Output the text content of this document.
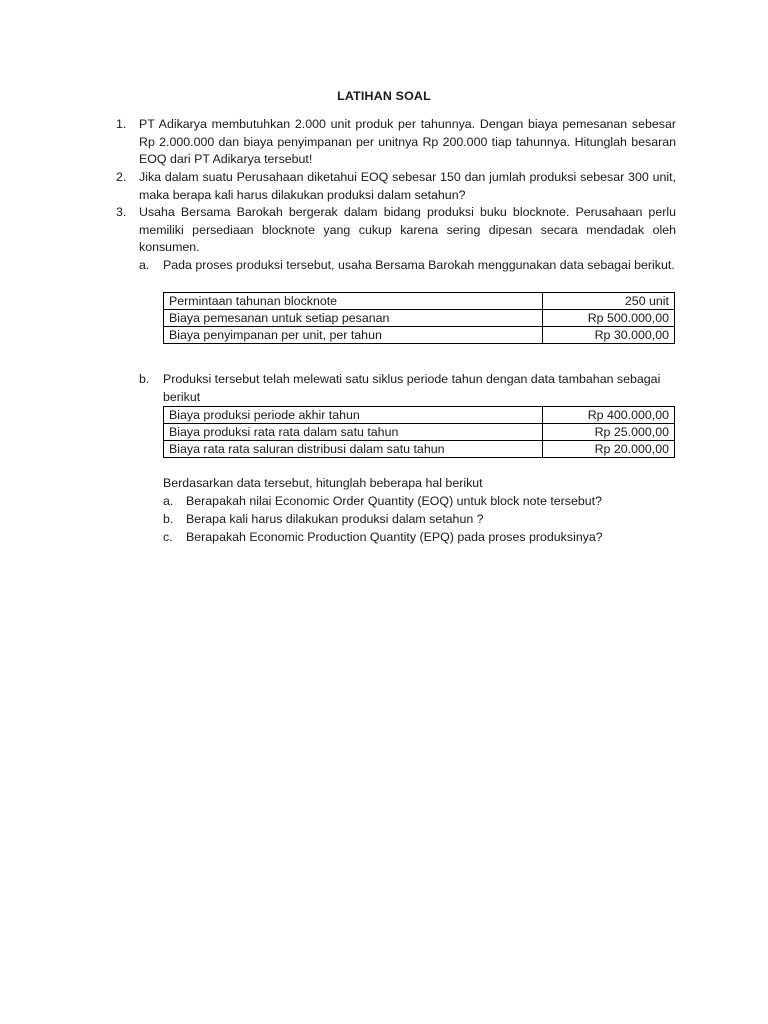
LATIHAN SOAL
1.	PT Adikarya membutuhkan 2.000 unit produk per tahunnya. Dengan biaya pemesanan sebesar Rp 2.000.000 dan biaya penyimpanan per unitnya Rp 200.000 tiap tahunnya. Hitunglah besaran EOQ dari PT Adikarya tersebut!
2.	Jika dalam suatu Perusahaan diketahui EOQ sebesar 150 dan jumlah produksi sebesar 300 unit, maka berapa kali harus dilakukan produksi dalam setahun?
3.	Usaha Bersama Barokah bergerak dalam bidang produksi buku blocknote. Perusahaan perlu memiliki persediaan blocknote yang cukup karena sering dipesan secara mendadak oleh konsumen.
a. Pada proses produksi tersebut, usaha Bersama Barokah menggunakan data sebagai berikut.
Permintaan tahunan blocknote	250 unit
Biaya pemesanan untuk setiap pesanan	Rp 500.000,00
Biaya penyimpanan per unit, per tahun	Rp 30.000,00
b. Produksi tersebut telah melewati satu siklus periode tahun dengan data tambahan sebagai berikut
Biaya produksi periode akhir tahun	Rp 400.000,00
Biaya produksi rata rata dalam satu tahun	Rp 25.000,00
Biaya rata rata saluran distribusi dalam satu tahun	Rp 20.000,00
Berdasarkan data tersebut, hitunglah beberapa hal berikut
a. Berapakah nilai Economic Order Quantity (EOQ) untuk block note tersebut?
b. Berapa kali harus dilakukan produksi dalam setahun ?
c. Berapakah Economic Production Quantity (EPQ) pada proses produksinya?
